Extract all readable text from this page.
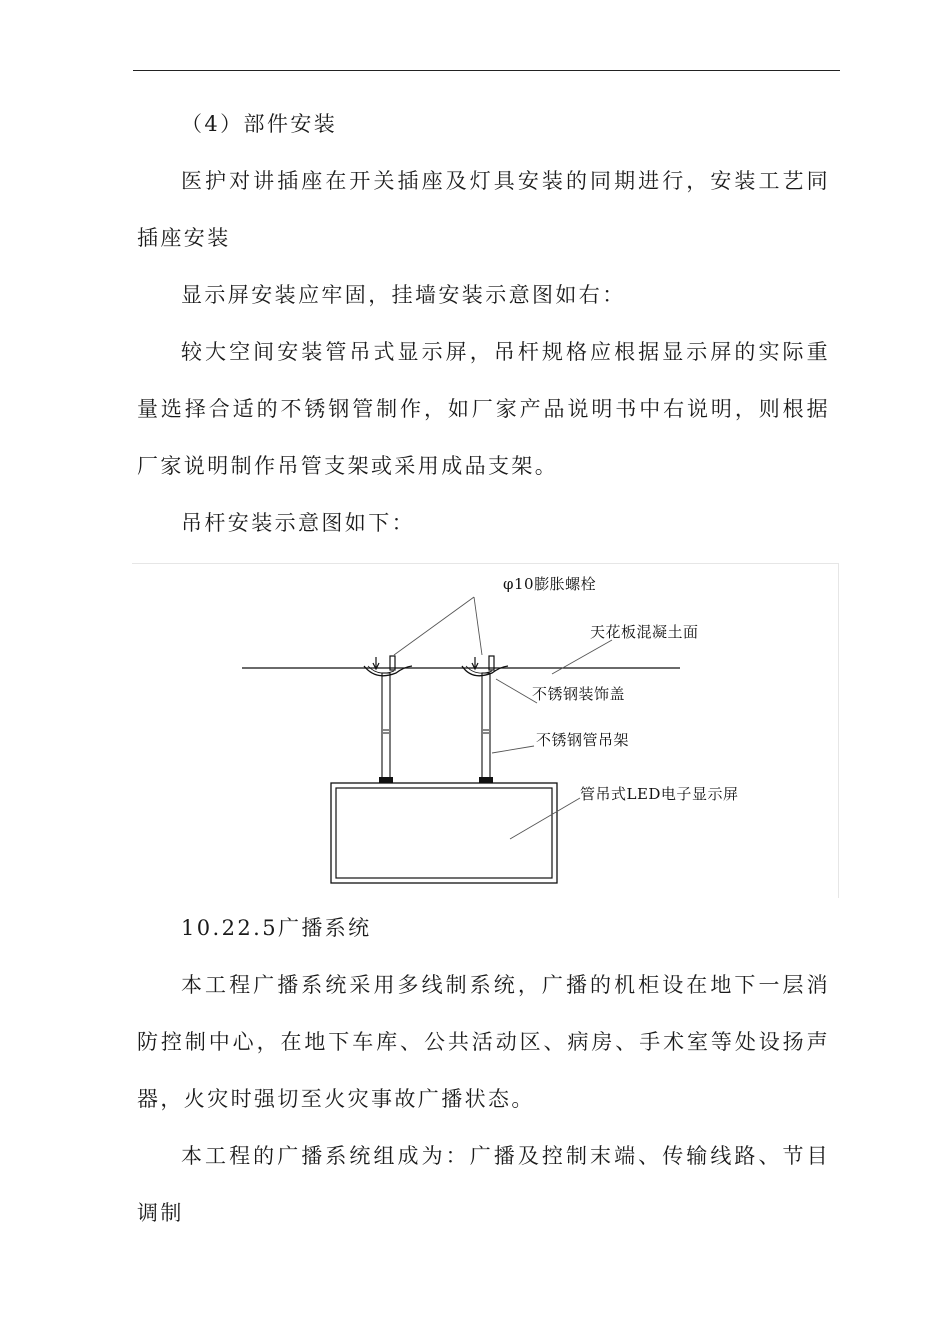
（4）部件安装

医护对讲插座在开关插座及灯具安装的同期进行，安装工艺同插座安装

显示屏安装应牢固，挂墙安装示意图如右：

较大空间安装管吊式显示屏，吊杆规格应根据显示屏的实际重量选择合适的不锈钢管制作，如厂家产品说明书中右说明，则根据厂家说明制作吊管支架或采用成品支架。

吊杆安装示意图如下：

φ10膨胀螺栓
天花板混凝土面
不锈钢装饰盖
不锈钢管吊架
管吊式LED电子显示屏

10.22.5广播系统

本工程广播系统采用多线制系统，广播的机柜设在地下一层消防控制中心，在地下车库、公共活动区、病房、手术室等处设扬声器，火灾时强切至火灾事故广播状态。

本工程的广播系统组成为：广播及控制末端、传输线路、节目调制
